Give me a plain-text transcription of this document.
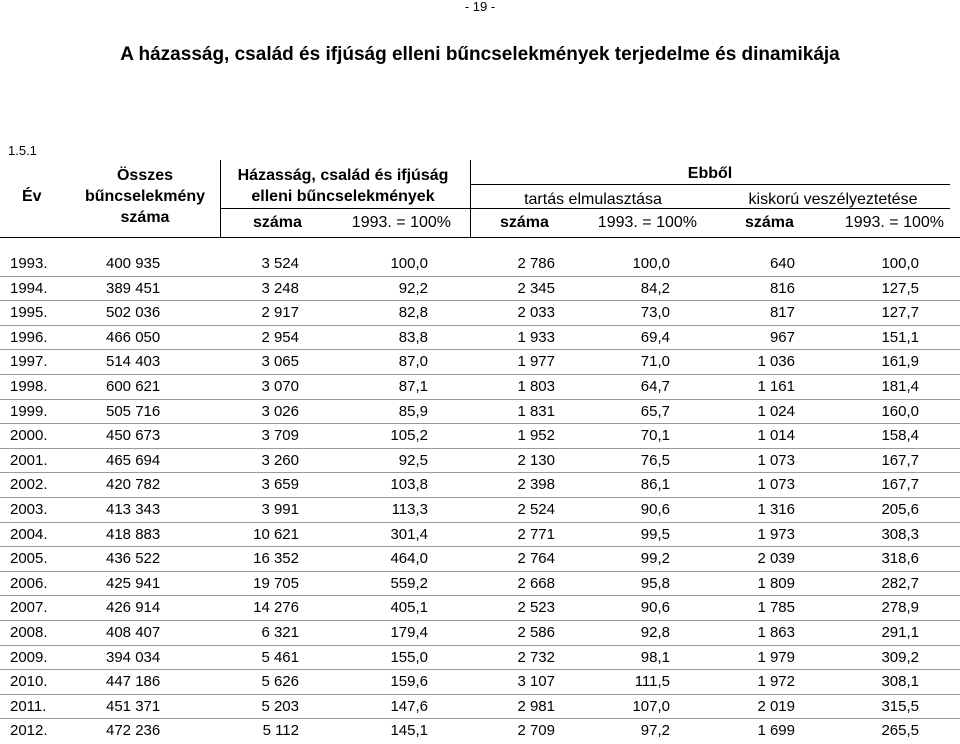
- 19 -
A házasság, család és ifjúság elleni bűncselekmények terjedelme és dinamikája
1.5.1
Év
Összes
bűncselekmény
száma
Házasság, család és ifjúság
elleni bűncselekmények
Ebből
tartás elmulasztása	kiskorú veszélyeztetése
száma	1993. = 100%	száma	1993. = 100%	száma	1993. = 100%
1993.	400 935	3 524	100,0	2 786	100,0	640	100,0
1994.	389 451	3 248	92,2	2 345	84,2	816	127,5
1995.	502 036	2 917	82,8	2 033	73,0	817	127,7
1996.	466 050	2 954	83,8	1 933	69,4	967	151,1
1997.	514 403	3 065	87,0	1 977	71,0	1 036	161,9
1998.	600 621	3 070	87,1	1 803	64,7	1 161	181,4
1999.	505 716	3 026	85,9	1 831	65,7	1 024	160,0
2000.	450 673	3 709	105,2	1 952	70,1	1 014	158,4
2001.	465 694	3 260	92,5	2 130	76,5	1 073	167,7
2002.	420 782	3 659	103,8	2 398	86,1	1 073	167,7
2003.	413 343	3 991	113,3	2 524	90,6	1 316	205,6
2004.	418 883	10 621	301,4	2 771	99,5	1 973	308,3
2005.	436 522	16 352	464,0	2 764	99,2	2 039	318,6
2006.	425 941	19 705	559,2	2 668	95,8	1 809	282,7
2007.	426 914	14 276	405,1	2 523	90,6	1 785	278,9
2008.	408 407	6 321	179,4	2 586	92,8	1 863	291,1
2009.	394 034	5 461	155,0	2 732	98,1	1 979	309,2
2010.	447 186	5 626	159,6	3 107	111,5	1 972	308,1
2011.	451 371	5 203	147,6	2 981	107,0	2 019	315,5
2012.	472 236	5 112	145,1	2 709	97,2	1 699	265,5
